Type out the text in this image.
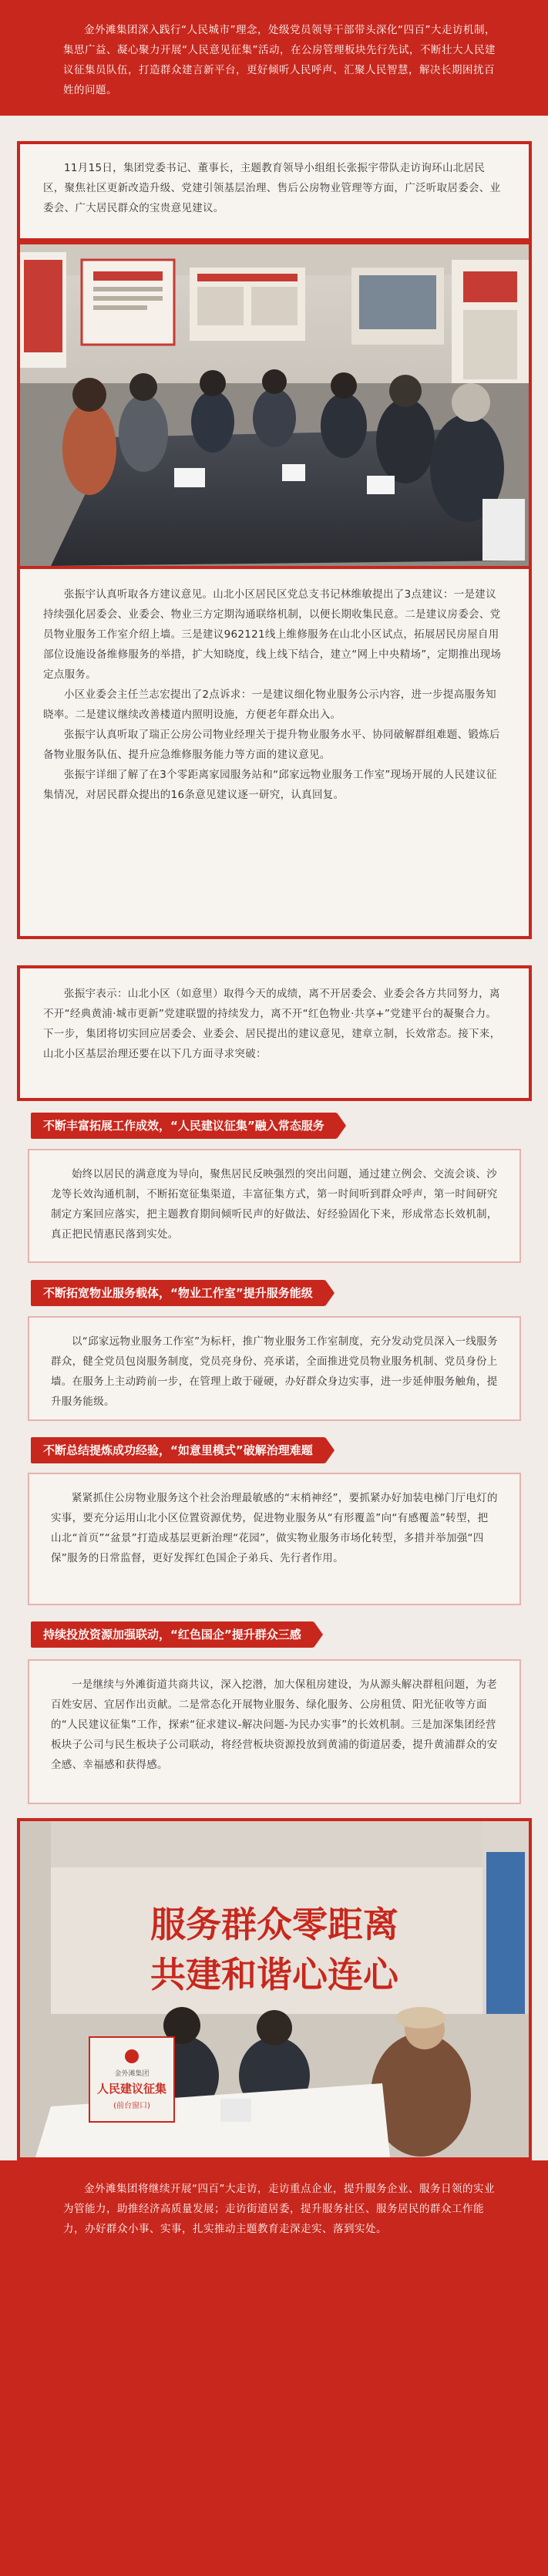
金外滩集团深入践行“人民城市”理念，处级党员领导干部带头深化“四百”大走访机制，集思广益、凝心聚力开展“人民意见征集”活动，在公房管理板块先行先试，不断壮大人民建议征集员队伍，打造群众建言新平台，更好倾听人民呼声、汇聚人民智慧，解决长期困扰百姓的问题。

11月15日，集团党委书记、董事长，主题教育领导小组组长张振宇带队走访询环山北居民区，聚焦社区更新改造升级、党建引领基层治理、售后公房物业管理等方面，广泛听取居委会、业委会、广大居民群众的宝贵意见建议。

张振宇认真听取各方建议意见。山北小区居民区党总支书记林维敏提出了3点建议：一是建议持续强化居委会、业委会、物业三方定期沟通联络机制，以便长期收集民意。二是建议房委会、党员物业服务工作室介绍上墙。三是建议962121线上维修服务在山北小区试点，拓展居民房屋自用部位设施设备维修服务的举措，扩大知晓度，线上线下结合，建立“网上中央精场”，定期推出现场定点服务。

小区业委会主任兰志宏提出了2点诉求：一是建议细化物业服务公示内容，进一步提高服务知晓率。二是建议继续改善楼道内照明设施，方便老年群众出入。

张振宇认真听取了瑞正公房公司物业经理关于提升物业服务水平、协同破解群组难题、锻炼后备物业服务队伍、提升应急维修服务能力等方面的建议意见。

张振宇详细了解了在3个零距离家园服务站和“邱家远物业服务工作室”现场开展的人民建议征集情况，对居民群众提出的16条意见建议逐一研究，认真回复。

张振宇表示：山北小区（如意里）取得今天的成绩，离不开居委会、业委会各方共同努力，离不开“经典黄浦·城市更新”党建联盟的持续发力，离不开“红色物业·共享+”党建平台的凝聚合力。下一步，集团将切实回应居委会、业委会、居民提出的建议意见，建章立制，长效常态。接下来，山北小区基层治理还要在以下几方面寻求突破：

不断丰富拓展工作成效，“人民建议征集”融入常态服务

始终以居民的满意度为导向，聚焦居民反映强烈的突出问题，通过建立例会、交流会谈、沙龙等长效沟通机制，不断拓宽征集渠道，丰富征集方式，第一时间听到群众呼声，第一时间研究制定方案回应落实，把主题教育期间倾听民声的好做法、好经验固化下来，形成常态长效机制，真正把民情惠民落到实处。

不断拓宽物业服务载体，“物业工作室”提升服务能级

以“邱家远物业服务工作室”为标杆，推广物业服务工作室制度，充分发动党员深入一线服务群众，健全党员包岗服务制度，党员亮身份、亮承诺，全面推进党员物业服务机制、党员身份上墙。在服务上主动跨前一步，在管理上敢于碰硬，办好群众身边实事，进一步延伸服务触角，提升服务能级。

不断总结提炼成功经验，“如意里模式”破解治理难题

紧紧抓住公房物业服务这个社会治理最敏感的“末梢神经”，要抓紧办好加装电梯门厅电灯的实事，要充分运用山北小区位置资源优势，促进物业服务从“有形覆盖”向“有感覆盖”转型，把山北“首页”“盆景”打造成基层更新治理“花园”，做实物业服务市场化转型，多措并举加强“四保”服务的日常监督，更好发挥红色国企子弟兵、先行者作用。

持续投放资源加强联动，“红色国企”提升群众三感

一是继续与外滩街道共商共议，深入挖潜，加大保租房建设，为从源头解决群租问题，为老百姓安居、宜居作出贡献。二是常态化开展物业服务、绿化服务、公房租赁、阳光征收等方面的“人民建议征集”工作，探索“征求建议-解决问题-为民办实事”的长效机制。三是加深集团经营板块子公司与民生板块子公司联动，将经营板块资源投放到黄浦的街道居委，提升黄浦群众的安全感、幸福感和获得感。

服务群众零距离
共建和谐心连心
金外滩集团
人民建议征集
(前台窗口)

金外滩集团将继续开展“四百”大走访，走访重点企业，提升服务企业、服务日领的实业为管能力，助推经济高质量发展；走访街道居委，提升服务社区、服务居民的群众工作能力，办好群众小事、实事，扎实推动主题教育走深走实、落到实处。
